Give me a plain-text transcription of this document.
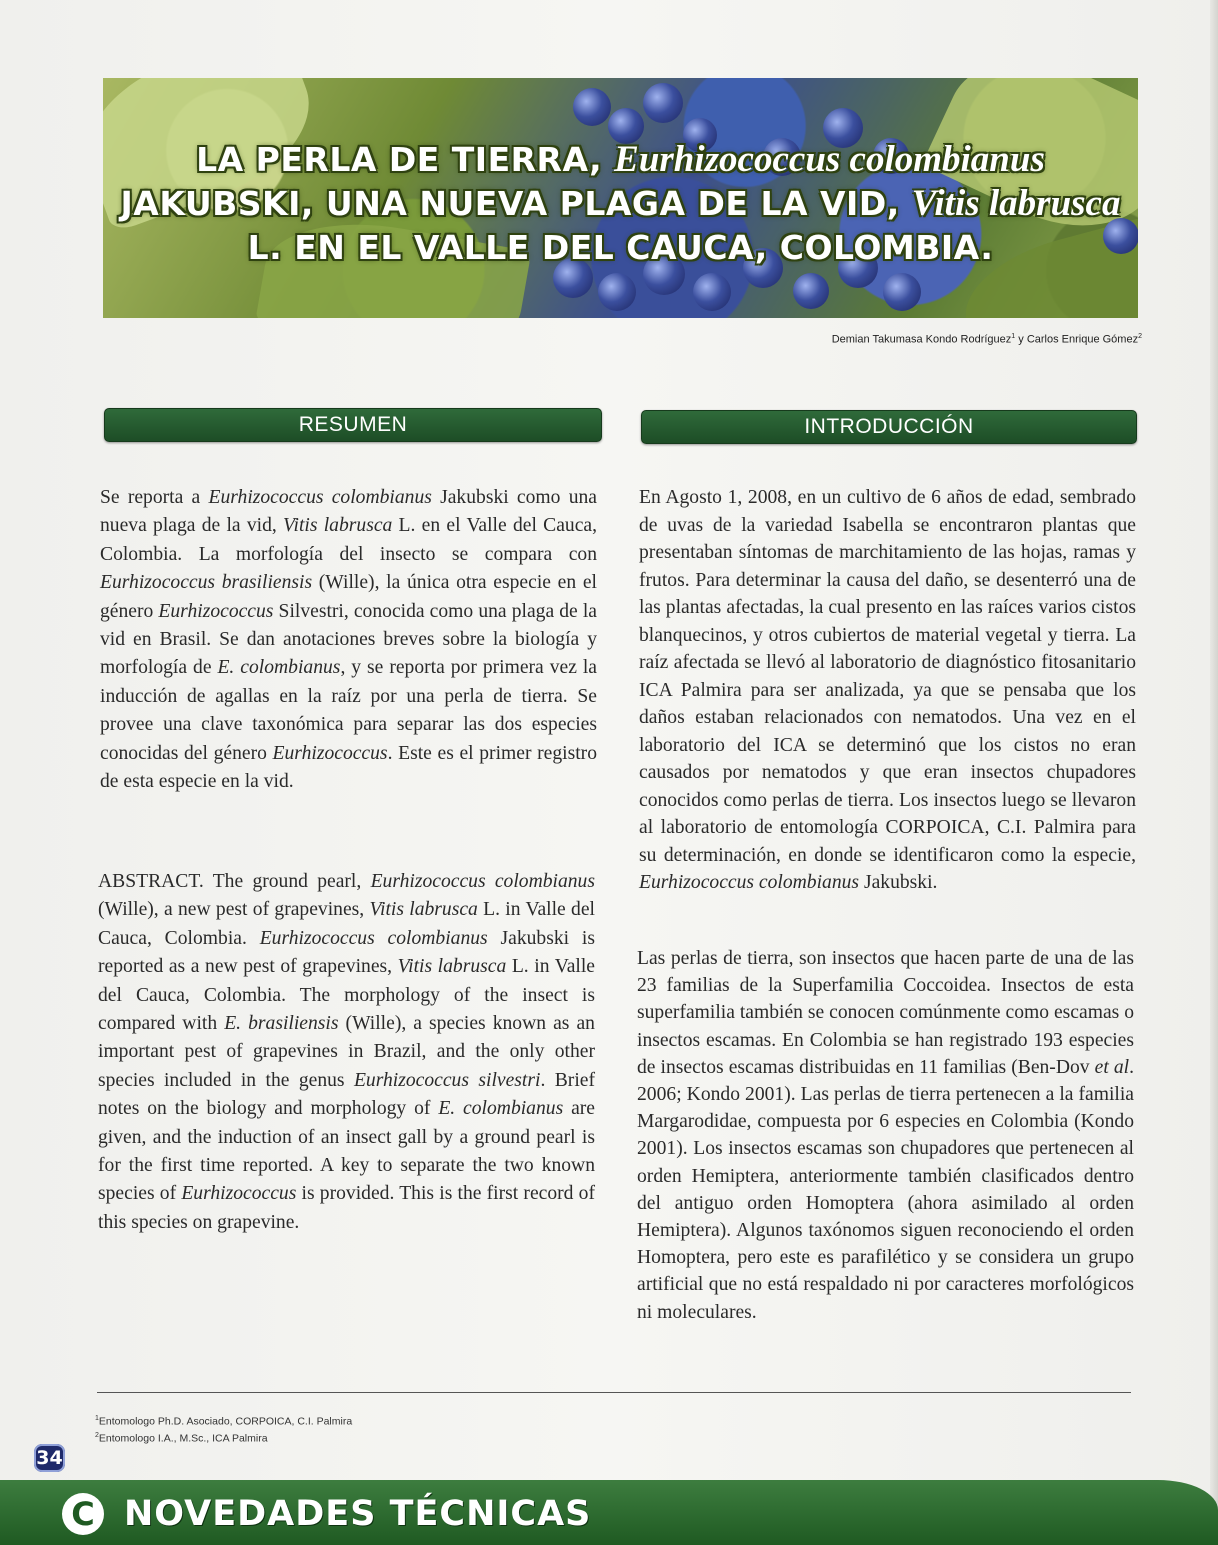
LA PERLA DE TIERRA, Eurhizococcus colombianus
JAKUBSKI, UNA NUEVA PLAGA DE LA VID, Vitis labrusca
L. EN EL VALLE DEL CAUCA, COLOMBIA.
Demian Takumasa Kondo Rodríguez$^1$ y Carlos Enrique Gómez$^2$
RESUMEN	INTRODUCCIÓN

Se reporta a Eurhizococcus colombianus Jakubski como una nueva plaga de la vid, Vitis labrusca L. en el Valle del Cauca, Colombia. La morfología del insecto se compara con Eurhizococcus brasiliensis (Wille), la única otra especie en el género Eurhizococcus Silvestri, conocida como una plaga de la vid en Brasil. Se dan anotaciones breves sobre la biología y morfología de E. colombianus, y se reporta por primera vez la inducción de agallas en la raíz por una perla de tierra. Se provee una clave taxonómica para separar las dos especies conocidas del género Eurhizococcus. Este es el primer registro de esta especie en la vid.

ABSTRACT. The ground pearl, Eurhizococcus colombianus (Wille), a new pest of grapevines, Vitis labrusca L. in Valle del Cauca, Colombia. Eurhizococcus colombianus Jakubski is reported as a new pest of grapevines, Vitis labrusca L. in Valle del Cauca, Colombia. The morphology of the insect is compared with E. brasiliensis (Wille), a species known as an important pest of grapevines in Brazil, and the only other species included in the genus Eurhizococcus silvestri. Brief notes on the biology and morphology of E. colombianus are given, and the induction of an insect gall by a ground pearl is for the first time reported. A key to separate the two known species of Eurhizococcus is provided. This is the first record of this species on grapevine.

En Agosto 1, 2008, en un cultivo de 6 años de edad, sembrado de uvas de la variedad Isabella se encontraron plantas que presentaban síntomas de marchitamiento de las hojas, ramas y frutos. Para determinar la causa del daño, se desenterró una de las plantas afectadas, la cual presento en las raíces varios cistos blanquecinos, y otros cubiertos de material vegetal y tierra. La raíz afectada se llevó al laboratorio de diagnóstico fitosanitario ICA Palmira para ser analizada, ya que se pensaba que los daños estaban relacionados con nematodos. Una vez en el laboratorio del ICA se determinó que los cistos no eran causados por nematodos y que eran insectos chupadores conocidos como perlas de tierra. Los insectos luego se llevaron al laboratorio de entomología CORPOICA, C.I. Palmira para su determinación, en donde se identificaron como la especie, Eurhizococcus colombianus Jakubski.

Las perlas de tierra, son insectos que hacen parte de una de las 23 familias de la Superfamilia Coccoidea. Insectos de esta superfamilia también se conocen comúnmente como escamas o insectos escamas. En Colombia se han registrado 193 especies de insectos escamas distribuidas en 11 familias (Ben-Dov et al. 2006; Kondo 2001). Las perlas de tierra pertenecen a la familia Margarodidae, compuesta por 6 especies en Colombia (Kondo 2001). Los insectos escamas son chupadores que pertenecen al orden Hemiptera, anteriormente también clasificados dentro del antiguo orden Homoptera (ahora asimilado al orden Hemiptera). Algunos taxónomos siguen reconociendo el orden Homoptera, pero este es parafilético y se considera un grupo artificial que no está respaldado ni por caracteres morfológicos ni moleculares.

$^1$Entomologo Ph.D. Asociado, CORPOICA, C.I. Palmira
$^2$Entomologo I.A., M.Sc., ICA Palmira
34
C NOVEDADES TÉCNICAS
